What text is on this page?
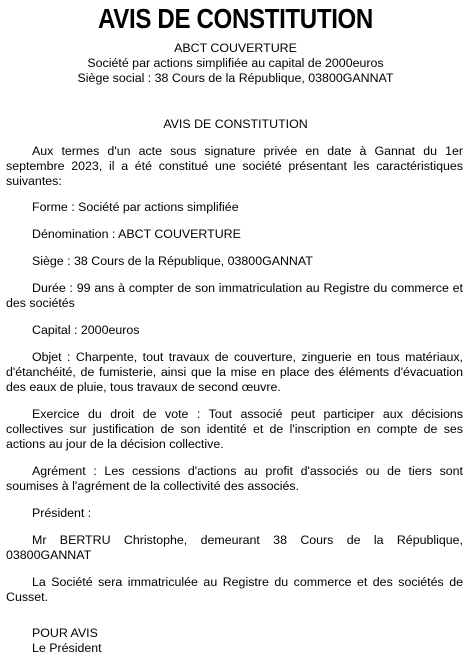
AVIS DE CONSTITUTION
ABCT COUVERTURE
Société par actions simplifiée au capital de 2000euros
Siège social : 38 Cours de la République, 03800GANNAT
AVIS DE CONSTITUTION
Aux termes d'un acte sous signature privée en date à Gannat du 1er septembre 2023, il a été constitué une société présentant les caractéristiques suivantes:
Forme : Société par actions simplifiée
Dénomination : ABCT COUVERTURE
Siège : 38 Cours de la République, 03800GANNAT
Durée : 99 ans à compter de son immatriculation au Registre du commerce et des sociétés
Capital : 2000euros
Objet : Charpente, tout travaux de couverture, zinguerie en tous matériaux, d'étanchéité, de fumisterie, ainsi que la mise en place des éléments d'évacuation des eaux de pluie, tous travaux de second œuvre.
Exercice du droit de vote : Tout associé peut participer aux décisions collectives sur justification de son identité et de l'inscription en compte de ses actions au jour de la décision collective.
Agrément : Les cessions d'actions au profit d'associés ou de tiers sont soumises à l'agrément de la collectivité des associés.
Président :
Mr BERTRU Christophe, demeurant 38 Cours de la République, 03800GANNAT
La Société sera immatriculée au Registre du commerce et des sociétés de Cusset.
POUR AVIS
Le Président
